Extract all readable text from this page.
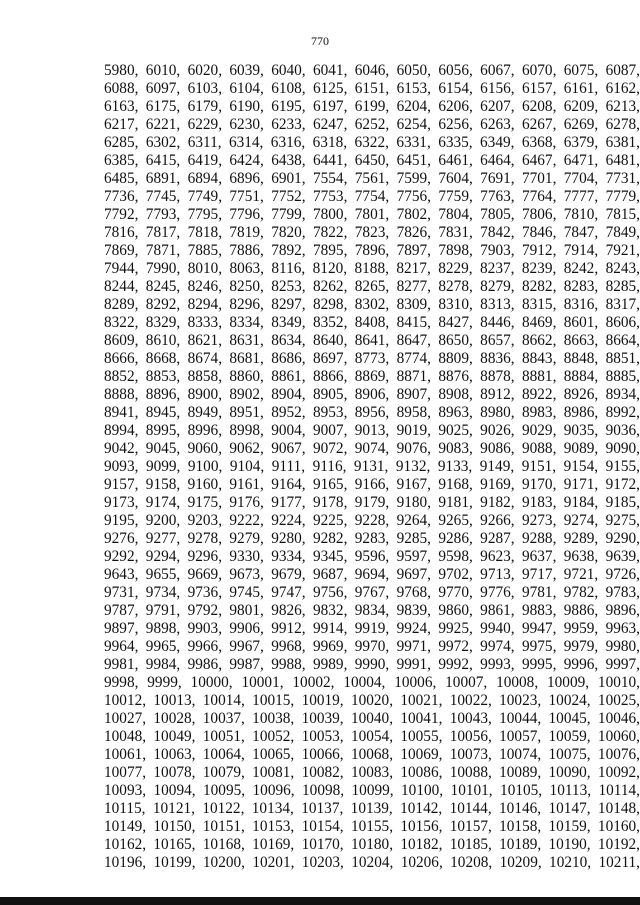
770
5980, 6010, 6020, 6039, 6040, 6041, 6046, 6050, 6056, 6067, 6070, 6075, 6087,
6088, 6097, 6103, 6104, 6108, 6125, 6151, 6153, 6154, 6156, 6157, 6161, 6162,
6163, 6175, 6179, 6190, 6195, 6197, 6199, 6204, 6206, 6207, 6208, 6209, 6213,
6217, 6221, 6229, 6230, 6233, 6247, 6252, 6254, 6256, 6263, 6267, 6269, 6278,
6285, 6302, 6311, 6314, 6316, 6318, 6322, 6331, 6335, 6349, 6368, 6379, 6381,
6385, 6415, 6419, 6424, 6438, 6441, 6450, 6451, 6461, 6464, 6467, 6471, 6481,
6485, 6891, 6894, 6896, 6901, 7554, 7561, 7599, 7604, 7691, 7701, 7704, 7731,
7736, 7745, 7749, 7751, 7752, 7753, 7754, 7756, 7759, 7763, 7764, 7777, 7779,
7792, 7793, 7795, 7796, 7799, 7800, 7801, 7802, 7804, 7805, 7806, 7810, 7815,
7816, 7817, 7818, 7819, 7820, 7822, 7823, 7826, 7831, 7842, 7846, 7847, 7849,
7869, 7871, 7885, 7886, 7892, 7895, 7896, 7897, 7898, 7903, 7912, 7914, 7921,
7944, 7990, 8010, 8063, 8116, 8120, 8188, 8217, 8229, 8237, 8239, 8242, 8243,
8244, 8245, 8246, 8250, 8253, 8262, 8265, 8277, 8278, 8279, 8282, 8283, 8285,
8289, 8292, 8294, 8296, 8297, 8298, 8302, 8309, 8310, 8313, 8315, 8316, 8317,
8322, 8329, 8333, 8334, 8349, 8352, 8408, 8415, 8427, 8446, 8469, 8601, 8606,
8609, 8610, 8621, 8631, 8634, 8640, 8641, 8647, 8650, 8657, 8662, 8663, 8664,
8666, 8668, 8674, 8681, 8686, 8697, 8773, 8774, 8809, 8836, 8843, 8848, 8851,
8852, 8853, 8858, 8860, 8861, 8866, 8869, 8871, 8876, 8878, 8881, 8884, 8885,
8888, 8896, 8900, 8902, 8904, 8905, 8906, 8907, 8908, 8912, 8922, 8926, 8934,
8941, 8945, 8949, 8951, 8952, 8953, 8956, 8958, 8963, 8980, 8983, 8986, 8992,
8994, 8995, 8996, 8998, 9004, 9007, 9013, 9019, 9025, 9026, 9029, 9035, 9036,
9042, 9045, 9060, 9062, 9067, 9072, 9074, 9076, 9083, 9086, 9088, 9089, 9090,
9093, 9099, 9100, 9104, 9111, 9116, 9131, 9132, 9133, 9149, 9151, 9154, 9155,
9157, 9158, 9160, 9161, 9164, 9165, 9166, 9167, 9168, 9169, 9170, 9171, 9172,
9173, 9174, 9175, 9176, 9177, 9178, 9179, 9180, 9181, 9182, 9183, 9184, 9185,
9195, 9200, 9203, 9222, 9224, 9225, 9228, 9264, 9265, 9266, 9273, 9274, 9275,
9276, 9277, 9278, 9279, 9280, 9282, 9283, 9285, 9286, 9287, 9288, 9289, 9290,
9292, 9294, 9296, 9330, 9334, 9345, 9596, 9597, 9598, 9623, 9637, 9638, 9639,
9643, 9655, 9669, 9673, 9679, 9687, 9694, 9697, 9702, 9713, 9717, 9721, 9726,
9731, 9734, 9736, 9745, 9747, 9756, 9767, 9768, 9770, 9776, 9781, 9782, 9783,
9787, 9791, 9792, 9801, 9826, 9832, 9834, 9839, 9860, 9861, 9883, 9886, 9896,
9897, 9898, 9903, 9906, 9912, 9914, 9919, 9924, 9925, 9940, 9947, 9959, 9963,
9964, 9965, 9966, 9967, 9968, 9969, 9970, 9971, 9972, 9974, 9975, 9979, 9980,
9981, 9984, 9986, 9987, 9988, 9989, 9990, 9991, 9992, 9993, 9995, 9996, 9997,
9998, 9999, 10000, 10001, 10002, 10004, 10006, 10007, 10008, 10009, 10010,
10012, 10013, 10014, 10015, 10019, 10020, 10021, 10022, 10023, 10024, 10025,
10027, 10028, 10037, 10038, 10039, 10040, 10041, 10043, 10044, 10045, 10046,
10048, 10049, 10051, 10052, 10053, 10054, 10055, 10056, 10057, 10059, 10060,
10061, 10063, 10064, 10065, 10066, 10068, 10069, 10073, 10074, 10075, 10076,
10077, 10078, 10079, 10081, 10082, 10083, 10086, 10088, 10089, 10090, 10092,
10093, 10094, 10095, 10096, 10098, 10099, 10100, 10101, 10105, 10113, 10114,
10115, 10121, 10122, 10134, 10137, 10139, 10142, 10144, 10146, 10147, 10148,
10149, 10150, 10151, 10153, 10154, 10155, 10156, 10157, 10158, 10159, 10160,
10162, 10165, 10168, 10169, 10170, 10180, 10182, 10185, 10189, 10190, 10192,
10196, 10199, 10200, 10201, 10203, 10204, 10206, 10208, 10209, 10210, 10211,
